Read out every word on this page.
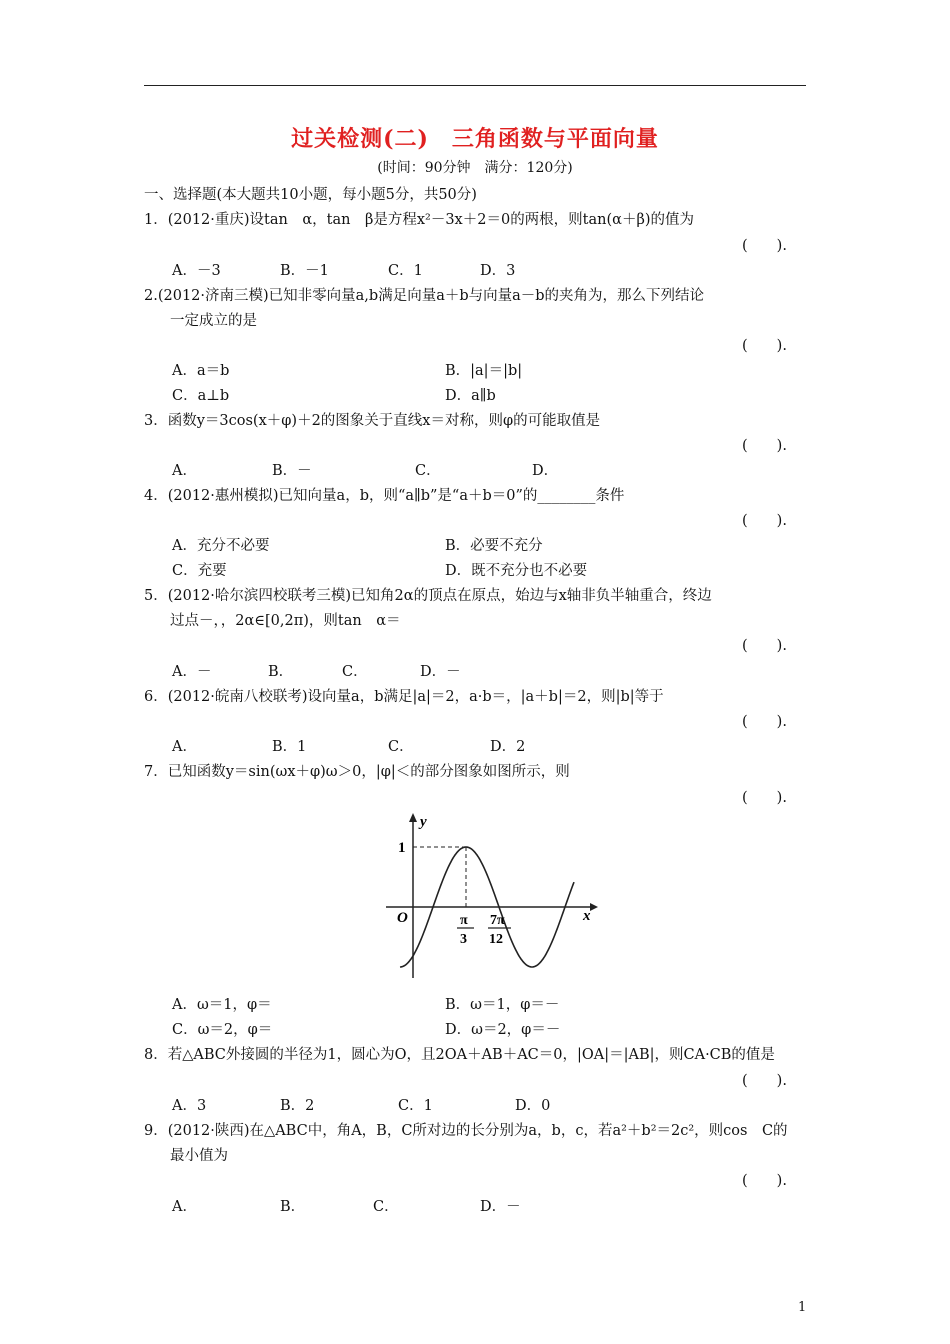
过关检测(二)　三角函数与平面向量
(时间：90分钟　满分：120分)
一、选择题(本大题共10小题，每小题5分，共50分)
1．(2012·重庆)设tan　α，tan　β是方程x²－3x＋2＝0的两根，则tan(α＋β)的值为
(　　).
A．－3	B．－1	C．1	D．3
2.(2012·济南三模)已知非零向量a,b满足向量a＋b与向量a－b的夹角为，那么下列结论
一定成立的是
(　　).
A．a＝b	B．|a|＝|b|
C．a⊥b	D．a∥b
3．函数y＝3cos(x＋φ)＋2的图象关于直线x＝对称，则φ的可能取值是
(　　).
A．	B．－	C．	D．
4．(2012·惠州模拟)已知向量a，b，则“a∥b”是“a＋b＝0”的________条件
(　　).
A．充分不必要	B．必要不充分
C．充要	D．既不充分也不必要
5．(2012·哈尔滨四校联考三模)已知角2α的顶点在原点，始边与x轴非负半轴重合，终边
过点－，，2α∈[0,2π)，则tan　α＝
(　　).
A．－	B．	C．	D．－
6．(2012·皖南八校联考)设向量a，b满足|a|＝2，a·b＝，|a＋b|＝2，则|b|等于
(　　).
A．	B．1	C．	D．2
7．已知函数y＝sin(ωx＋φ)ω＞0，|φ|＜的部分图象如图所示，则
(　　).
y
x
O
1
π
3
7π
12
A．ω＝1，φ＝	B．ω＝1，φ＝－
C．ω＝2，φ＝	D．ω＝2，φ＝－
8．若△ABC外接圆的半径为1，圆心为O，且2OA＋AB＋AC＝0，|OA|＝|AB|，则CA·CB的值是
(　　).
A．3	B．2	C．1	D．0
9．(2012·陕西)在△ABC中，角A，B，C所对边的长分别为a，b，c，若a²＋b²＝2c²，则cos　C的
最小值为
(　　).
A．	B．	C．	D．－
1
